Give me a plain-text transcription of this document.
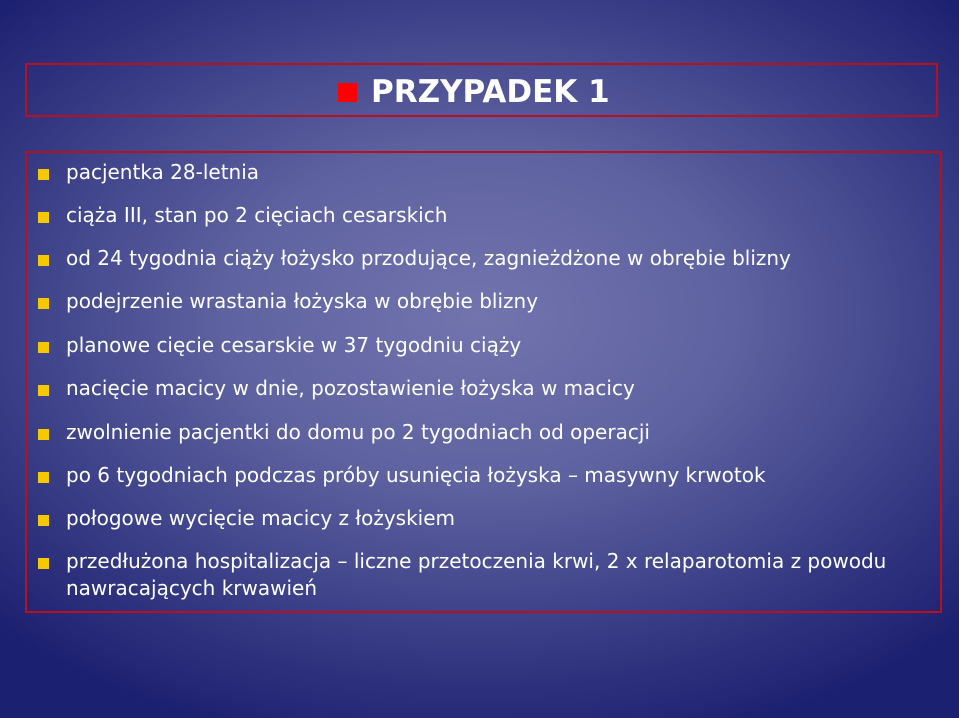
PRZYPADEK 1
pacjentka 28-letnia
ciąża III, stan po 2 cięciach cesarskich
od 24 tygodnia ciąży łożysko przodujące, zagnieżdżone w obrębie blizny
podejrzenie wrastania łożyska w obrębie blizny
planowe cięcie cesarskie w 37 tygodniu ciąży
nacięcie macicy w dnie, pozostawienie łożyska w macicy
zwolnienie pacjentki do domu po 2 tygodniach od operacji
po 6 tygodniach podczas próby usunięcia łożyska – masywny krwotok
połogowe wycięcie macicy z łożyskiem
przedłużona hospitalizacja – liczne przetoczenia krwi, 2 x relaparotomia z powodu nawracających krwawień
